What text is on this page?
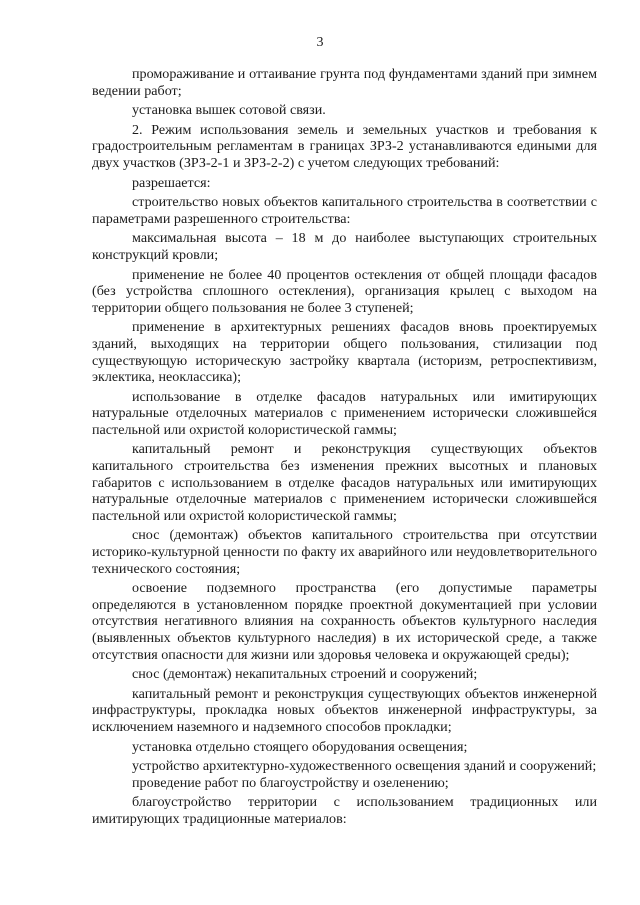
3

промораживание и оттаивание грунта под фундаментами зданий при зимнем ведении работ;

установка вышек сотовой связи.

2. Режим использования земель и земельных участков и требования к градостроительным регламентам в границах ЗРЗ-2 устанавливаются едиными для двух участков (ЗРЗ-2-1 и ЗРЗ-2-2) с учетом следующих требований:

разрешается:

строительство новых объектов капитального строительства в соответствии с параметрами разрешенного строительства:

максимальная высота – 18 м до наиболее выступающих строительных конструкций кровли;

применение не более 40 процентов остекления от общей площади фасадов (без устройства сплошного остекления), организация крылец с выходом на территории общего пользования не более 3 ступеней;

применение в архитектурных решениях фасадов вновь проектируемых зданий, выходящих на территории общего пользования, стилизации под существующую историческую застройку квартала (историзм, ретроспективизм, эклектика, неоклассика);

использование в отделке фасадов натуральных или имитирующих натуральные отделочных материалов с применением исторически сложившейся пастельной или охристой колористической гаммы;

капитальный ремонт и реконструкция существующих объектов капитального строительства без изменения прежних высотных и плановых габаритов с использованием в отделке фасадов натуральных или имитирующих натуральные отделочные материалов с применением исторически сложившейся пастельной или охристой колористической гаммы;

снос (демонтаж) объектов капитального строительства при отсутствии историко-культурной ценности по факту их аварийного или неудовлетворительного технического состояния;

освоение подземного пространства (его допустимые параметры определяются в установленном порядке проектной документацией при условии отсутствия негативного влияния на сохранность объектов культурного наследия (выявленных объектов культурного наследия) в их исторической среде, а также отсутствия опасности для жизни или здоровья человека и окружающей среды);

снос (демонтаж) некапитальных строений и сооружений;

капитальный ремонт и реконструкция существующих объектов инженерной инфраструктуры, прокладка новых объектов инженерной инфраструктуры, за исключением наземного и надземного способов прокладки;

установка отдельно стоящего оборудования освещения;

устройство архитектурно-художественного освещения зданий и сооружений;

проведение работ по благоустройству и озеленению;

благоустройство территории с использованием традиционных или имитирующих традиционные материалов:
